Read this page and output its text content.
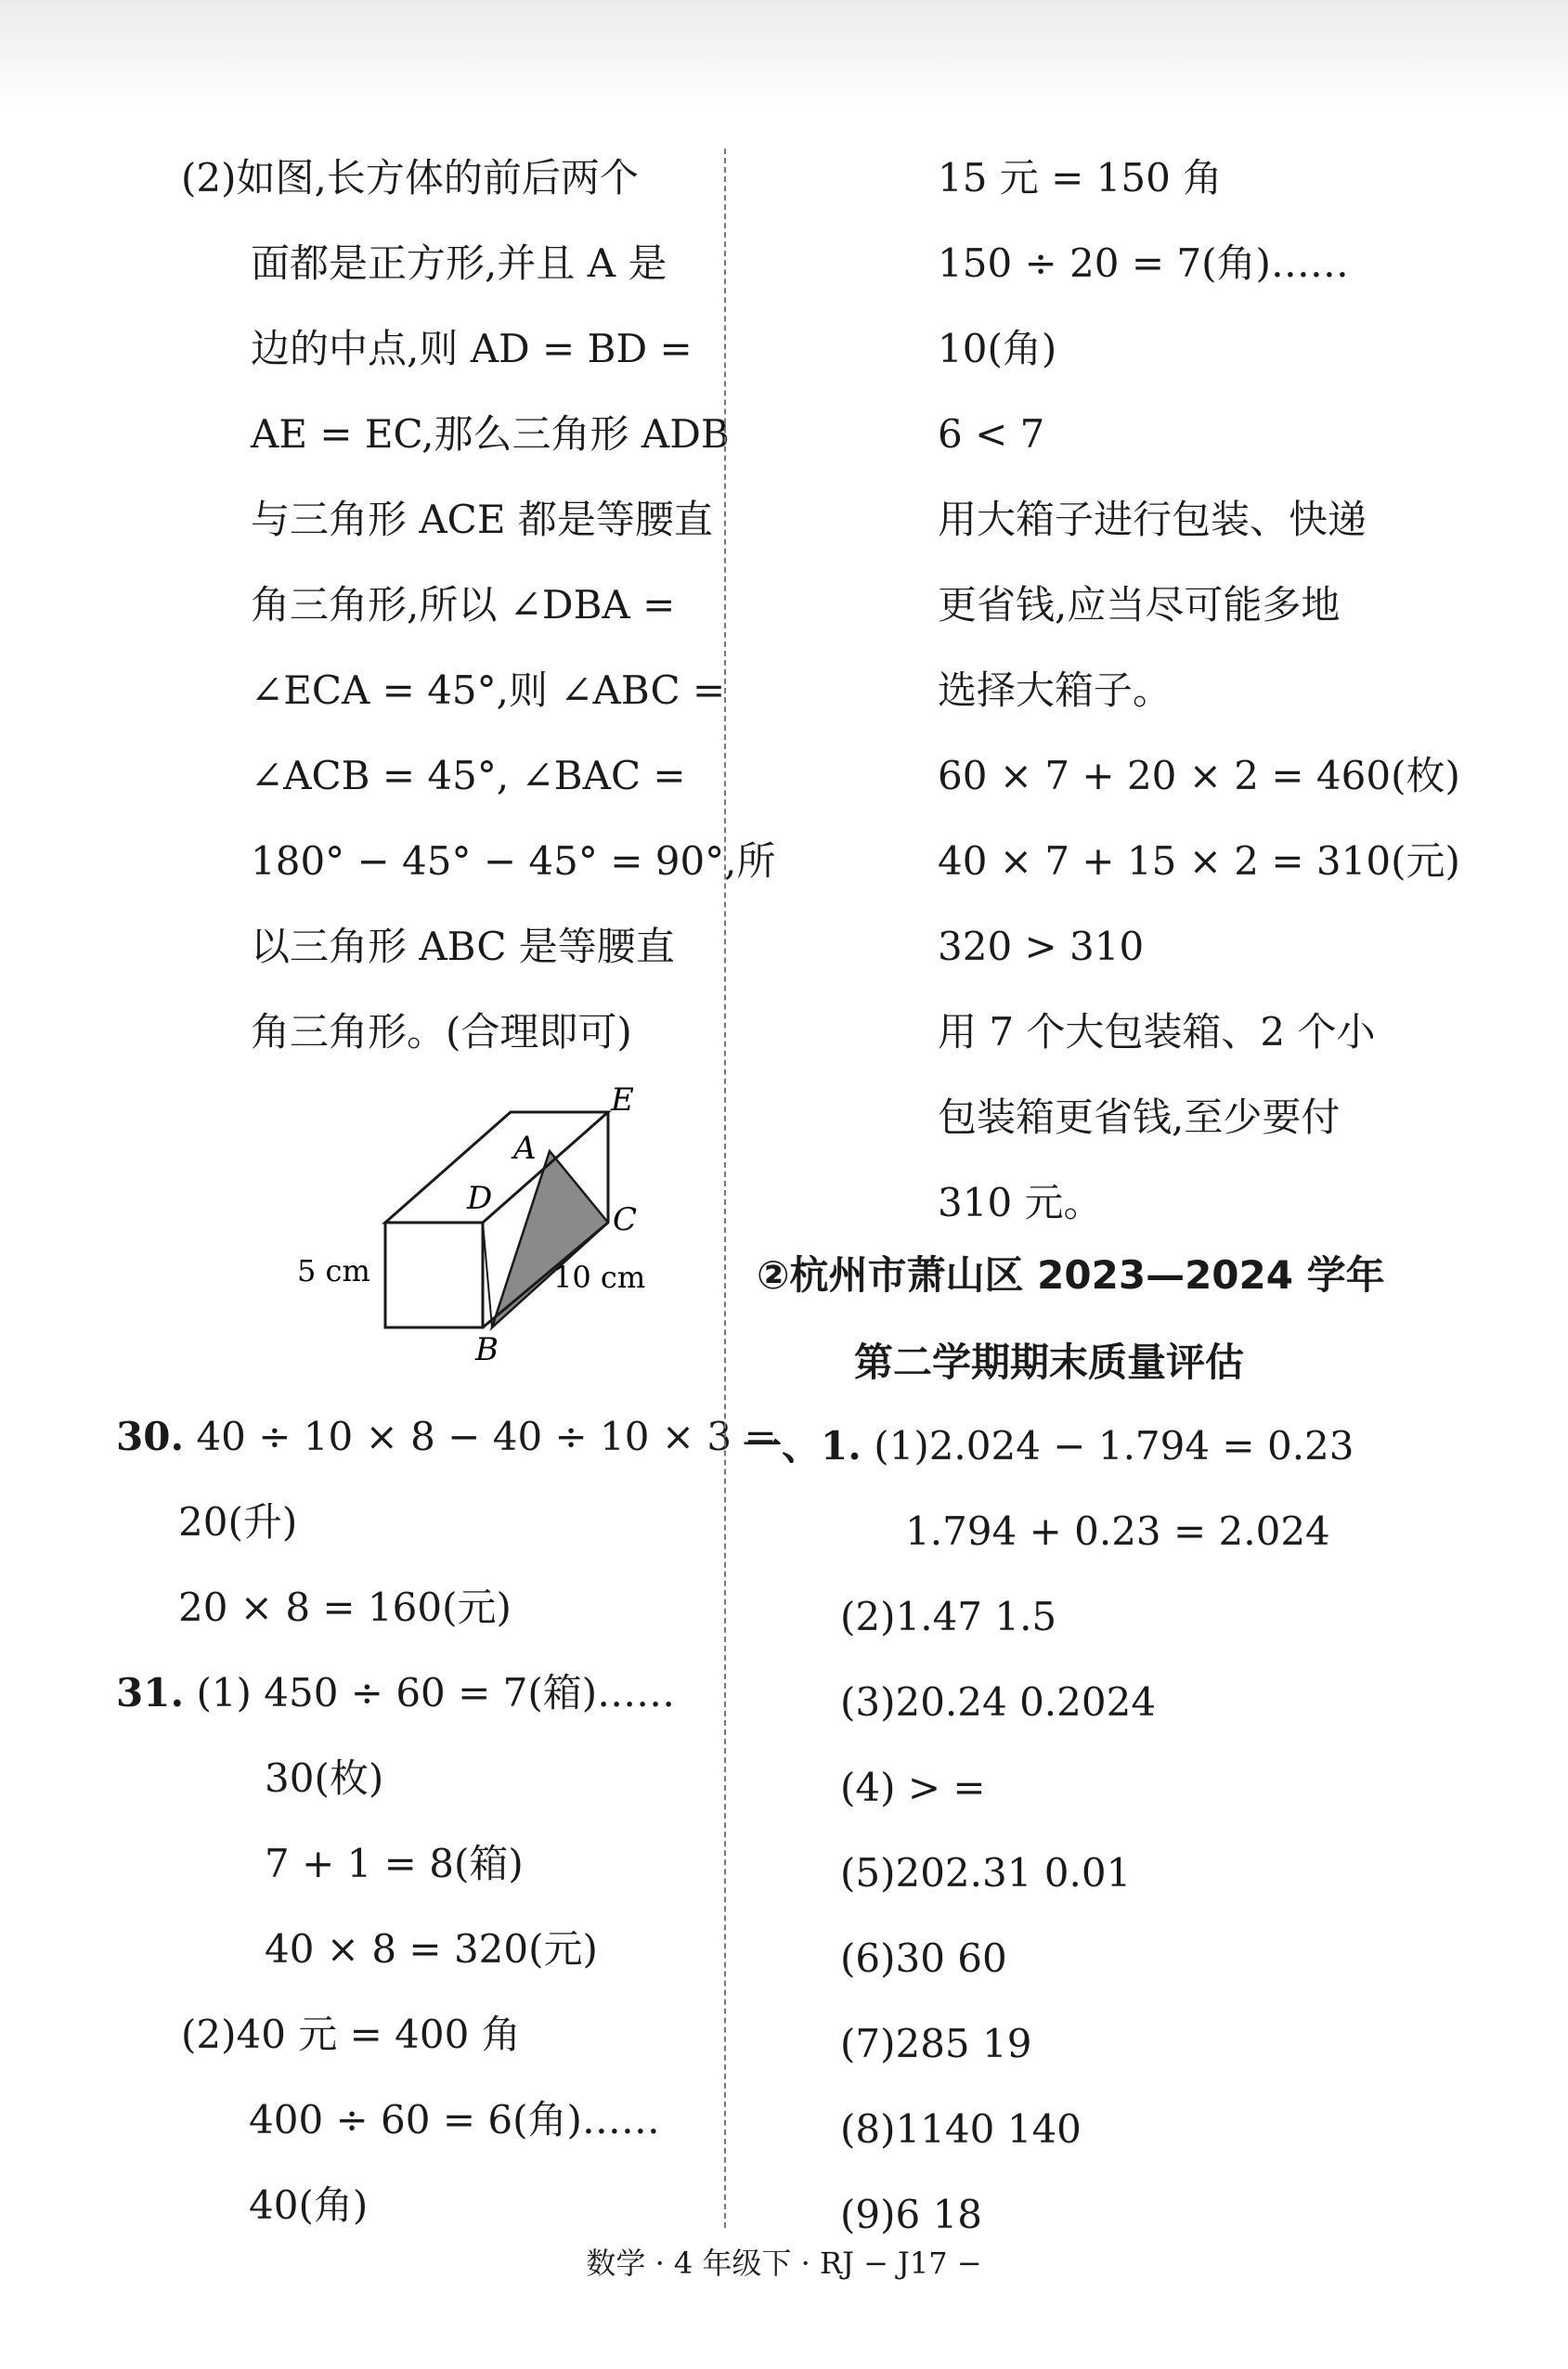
(2)如图,长方体的前后两个
面都是正方形,并且 A 是
边的中点,则 AD = BD =
AE = EC,那么三角形 ADB
与三角形 ACE 都是等腰直
角三角形,所以 ∠DBA =
∠ECA = 45°,则 ∠ABC =
∠ACB = 45°, ∠BAC =
180° − 45° − 45° = 90°,所
以三角形 ABC 是等腰直
角三角形。(合理即可)
E
A
D
C
B
5 cm	10 cm
30. 40 ÷ 10 × 8 − 40 ÷ 10 × 3 =
20(升)
20 × 8 = 160(元)
31. (1) 450 ÷ 60 = 7(箱)……
30(枚)
7 + 1 = 8(箱)
40 × 8 = 320(元)
(2)40 元 = 400 角
400 ÷ 60 = 6(角)……
40(角)
15 元 = 150 角
150 ÷ 20 = 7(角)……
10(角)
6 < 7
用大箱子进行包装、快递
更省钱,应当尽可能多地
选择大箱子。
60 × 7 + 20 × 2 = 460(枚)
40 × 7 + 15 × 2 = 310(元)
320 > 310
用 7 个大包装箱、2 个小
包装箱更省钱,至少要付
310 元。
②杭州市萧山区 2023—2024 学年
第二学期期末质量评估
一、1. (1)2.024 − 1.794 = 0.23
1.794 + 0.23 = 2.024
(2)1.47 1.5
(3)20.24 0.2024
(4) > =
(5)202.31 0.01
(6)30 60
(7)285 19
(8)1140 140
(9)6 18
数学 · 4 年级下 · RJ − J17 −
